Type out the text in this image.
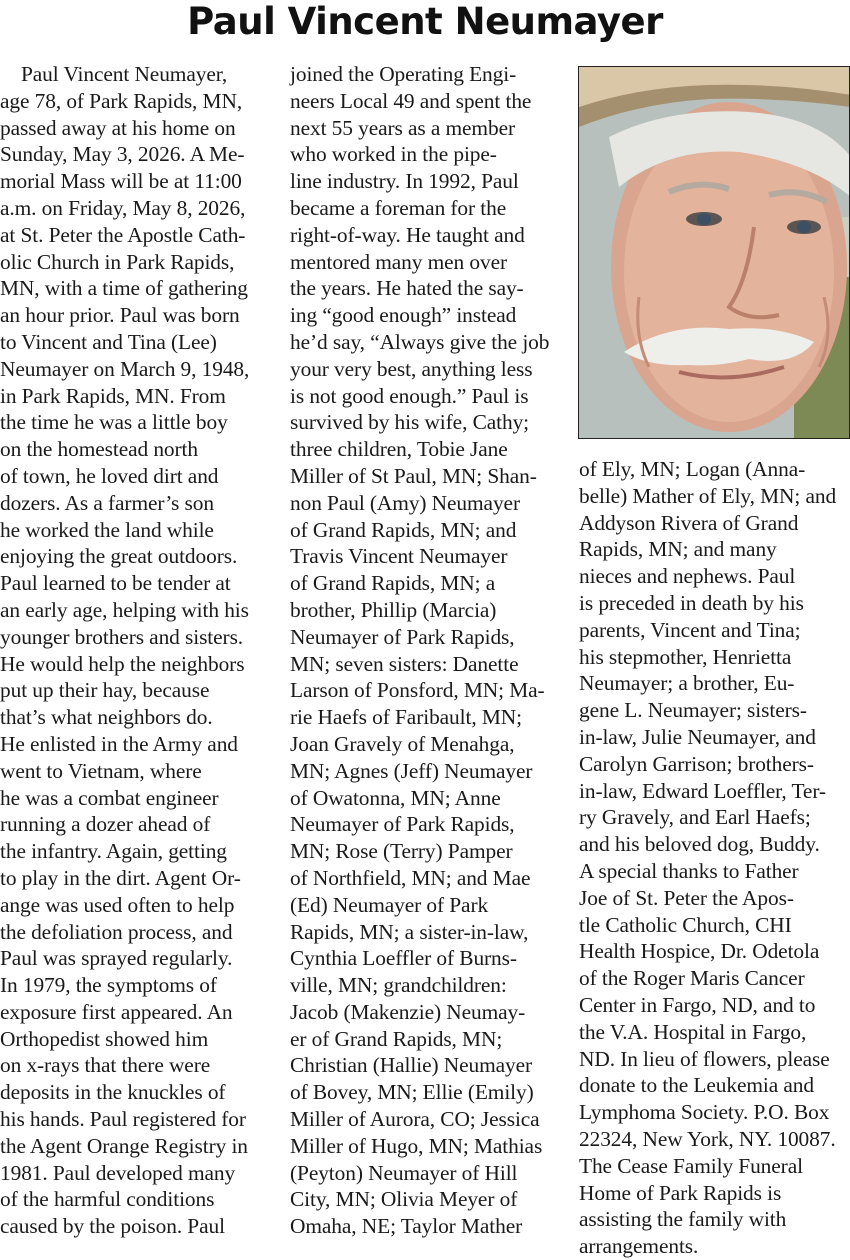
Paul Vincent Neumayer
Paul Vincent Neumayer,
age 78, of Park Rapids, MN,
passed away at his home on
Sunday, May 3, 2026. A Me-
morial Mass will be at 11:00
a.m. on Friday, May 8, 2026,
at St. Peter the Apostle Cath-
olic Church in Park Rapids,
MN, with a time of gathering
an hour prior. Paul was born
to Vincent and Tina (Lee)
Neumayer on March 9, 1948,
in Park Rapids, MN. From
the time he was a little boy
on the homestead north
of town, he loved dirt and
dozers. As a farmer’s son
he worked the land while
enjoying the great outdoors.
Paul learned to be tender at
an early age, helping with his
younger brothers and sisters.
He would help the neighbors
put up their hay, because
that’s what neighbors do.
He enlisted in the Army and
went to Vietnam, where
he was a combat engineer
running a dozer ahead of
the infantry. Again, getting
to play in the dirt. Agent Or-
ange was used often to help
the defoliation process, and
Paul was sprayed regularly.
In 1979, the symptoms of
exposure first appeared. An
Orthopedist showed him
on x-rays that there were
deposits in the knuckles of
his hands. Paul registered for
the Agent Orange Registry in
1981. Paul developed many
of the harmful conditions
caused by the poison. Paul
joined the Operating Engi-
neers Local 49 and spent the
next 55 years as a member
who worked in the pipe-
line industry. In 1992, Paul
became a foreman for the
right-of-way. He taught and
mentored many men over
the years. He hated the say-
ing “good enough” instead
he’d say, “Always give the job
your very best, anything less
is not good enough.” Paul is
survived by his wife, Cathy;
three children, Tobie Jane
Miller of St Paul, MN; Shan-
non Paul (Amy) Neumayer
of Grand Rapids, MN; and
Travis Vincent Neumayer
of Grand Rapids, MN; a
brother, Phillip (Marcia)
Neumayer of Park Rapids,
MN; seven sisters: Danette
Larson of Ponsford, MN; Ma-
rie Haefs of Faribault, MN;
Joan Gravely of Menahga,
MN; Agnes (Jeff) Neumayer
of Owatonna, MN; Anne
Neumayer of Park Rapids,
MN; Rose (Terry) Pamper
of Northfield, MN; and Mae
(Ed) Neumayer of Park
Rapids, MN; a sister-in-law,
Cynthia Loeffler of Burns-
ville, MN; grandchildren:
Jacob (Makenzie) Neumay-
er of Grand Rapids, MN;
Christian (Hallie) Neumayer
of Bovey, MN; Ellie (Emily)
Miller of Aurora, CO; Jessica
Miller of Hugo, MN; Mathias
(Peyton) Neumayer of Hill
City, MN; Olivia Meyer of
Omaha, NE; Taylor Mather
of Ely, MN; Logan (Anna-
belle) Mather of Ely, MN; and
Addyson Rivera of Grand
Rapids, MN; and many
nieces and nephews. Paul
is preceded in death by his
parents, Vincent and Tina;
his stepmother, Henrietta
Neumayer; a brother, Eu-
gene L. Neumayer; sisters-
in-law, Julie Neumayer, and
Carolyn Garrison; brothers-
in-law, Edward Loeffler, Ter-
ry Gravely, and Earl Haefs;
and his beloved dog, Buddy.
A special thanks to Father
Joe of St. Peter the Apos-
tle Catholic Church, CHI
Health Hospice, Dr. Odetola
of the Roger Maris Cancer
Center in Fargo, ND, and to
the V.A. Hospital in Fargo,
ND. In lieu of flowers, please
donate to the Leukemia and
Lymphoma Society. P.O. Box
22324, New York, NY. 10087.
The Cease Family Funeral
Home of Park Rapids is
assisting the family with
arrangements.
